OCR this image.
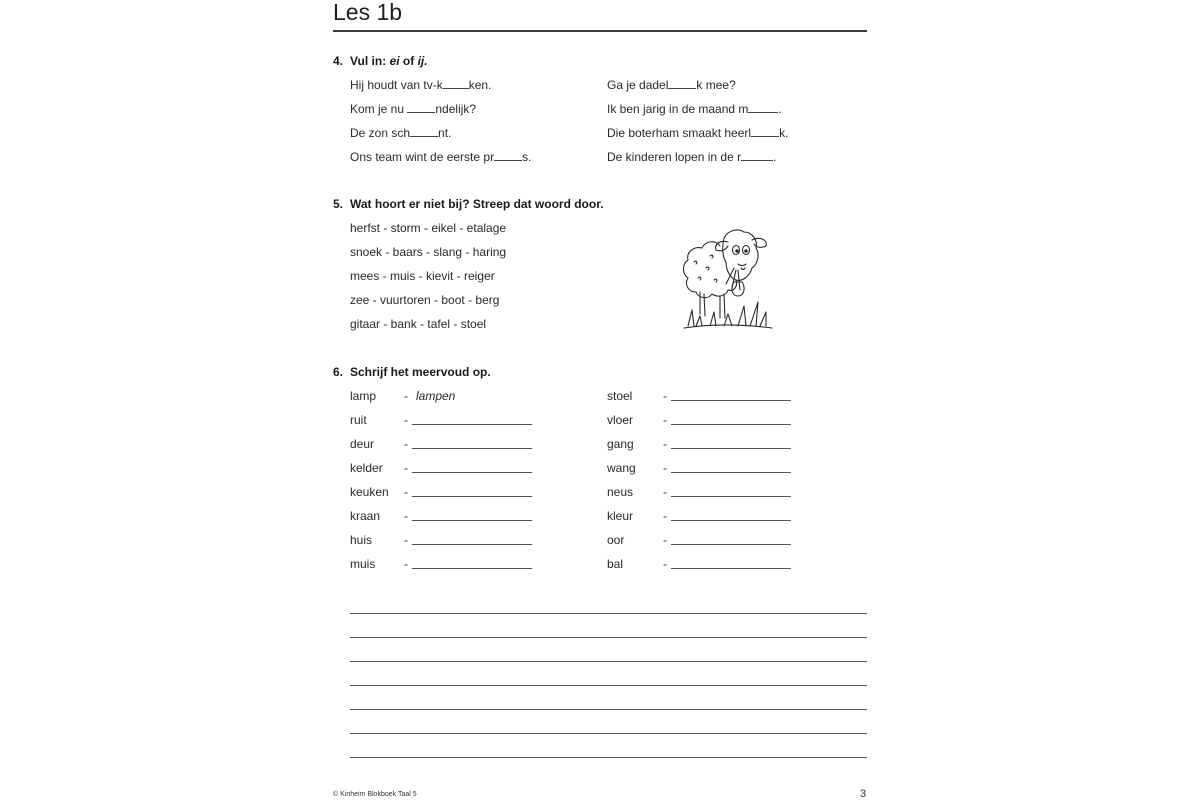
Les 1b
4. Vul in: ei of ij.
Hij houdt van tv-k ken.
Kom je nu ndelijk?
De zon sch nt.
Ons team wint de eerste pr s.
Ga je dadel k mee?
Ik ben jarig in de maand m	.
Die boterham smaakt heerl k.
De kinderen lopen in de r	.
5. Wat hoort er niet bij? Streep dat woord door.
herfst - storm - eikel - etalage
snoek - baars - slang - haring
mees - muis - kievit - reiger
zee - vuurtoren - boot - berg
gitaar - bank - tafel - stoel
6. Schrijf het meervoud op.
lamp - lampen
ruit	-
deur -
kelder -
keuken -
kraan -
huis	-
muis -
stoel	-
vloer -
gang -
wang -
neus -
kleur -
oor	-
bal	-
© Kinheim Blokboek Taal 5	3
